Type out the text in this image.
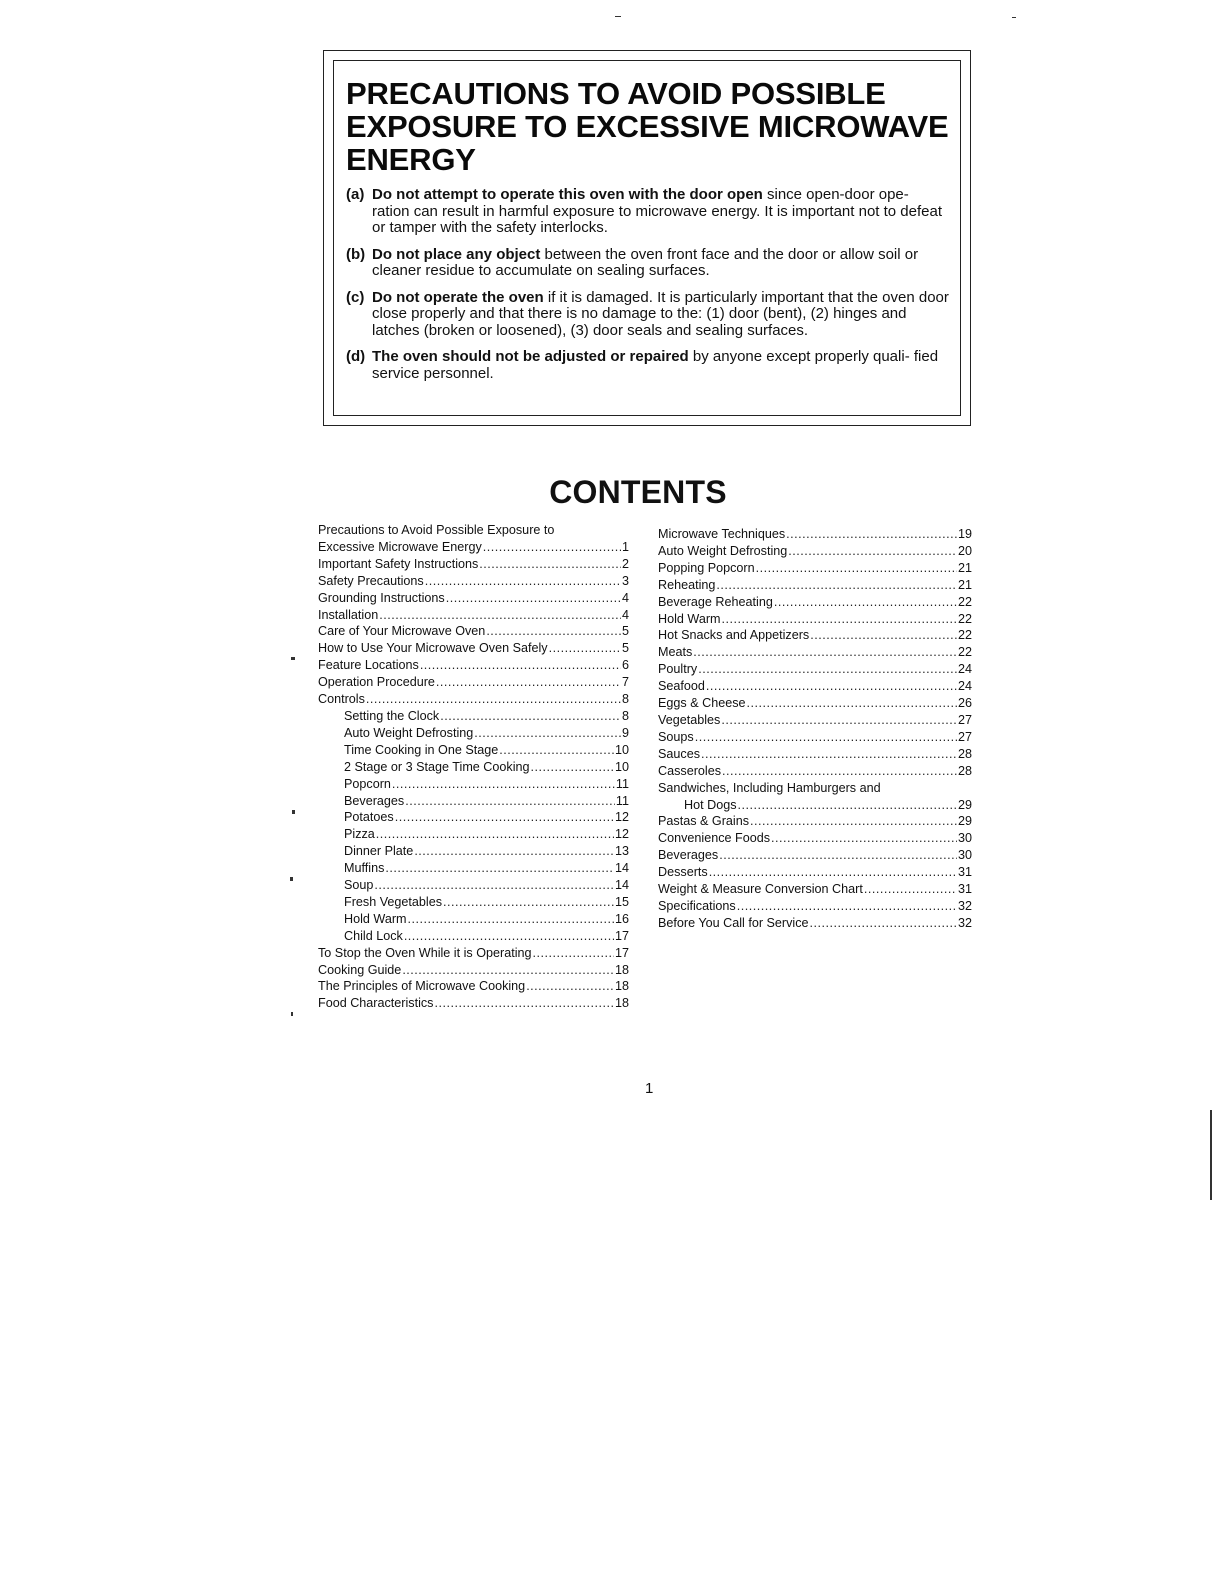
PRECAUTIONS TO AVOID POSSIBLE
EXPOSURE TO EXCESSIVE MICROWAVE
ENERGY
(a) Do not attempt to operate this oven with the door open since open-door ope- ration can result in harmful exposure to microwave energy. It is important not to defeat or tamper with the safety interlocks.
(b) Do not place any object between the oven front face and the door or allow soil or cleaner residue to accumulate on sealing surfaces.
(c) Do not operate the oven if it is damaged. It is particularly important that the oven door close properly and that there is no damage to the: (1) door (bent), (2) hinges and latches (broken or loosened), (3) door seals and sealing surfaces.
(d) The oven should not be adjusted or repaired by anyone except properly quali- fied service personnel.
CONTENTS
Precautions to Avoid Possible Exposure to
Excessive Microwave Energy .....	1
Important Safety Instructions .....	2
Safety Precautions .....	3
Grounding Instructions .....	4
Installation .....	4
Care of Your Microwave Oven .....	5
How to Use Your Microwave Oven Safely .....	5
Feature Locations .....	6
Operation Procedure .....	7
Controls .....	8
Setting the Clock .....	8
Auto Weight Defrosting .....	9
Time Cooking in One Stage .....	10
2 Stage or 3 Stage Time Cooking .....	10
Popcorn .....	11
Beverages .....	11
Potatoes .....	12
Pizza .....	12
Dinner Plate .....	13
Muffins .....	14
Soup .....	14
Fresh Vegetables .....	15
Hold Warm .....	16
Child Lock .....	17
To Stop the Oven While it is Operating .....	17
Cooking Guide .....	18
The Principles of Microwave Cooking .....	18
Food Characteristics .....	18
Microwave Techniques .....	19
Auto Weight Defrosting .....	20
Popping Popcorn .....	21
Reheating .....	21
Beverage Reheating .....	22
Hold Warm .....	22
Hot Snacks and Appetizers .....	22
Meats .....	22
Poultry .....	24
Seafood .....	24
Eggs & Cheese .....	26
Vegetables .....	27
Soups .....	27
Sauces .....	28
Casseroles .....	28
Sandwiches, Including Hamburgers and
Hot Dogs .....	29
Pastas & Grains .....	29
Convenience Foods .....	30
Beverages .....	30
Desserts .....	31
Weight & Measure Conversion Chart .....	31
Specifications .....	32
Before You Call for Service .....	32
1
